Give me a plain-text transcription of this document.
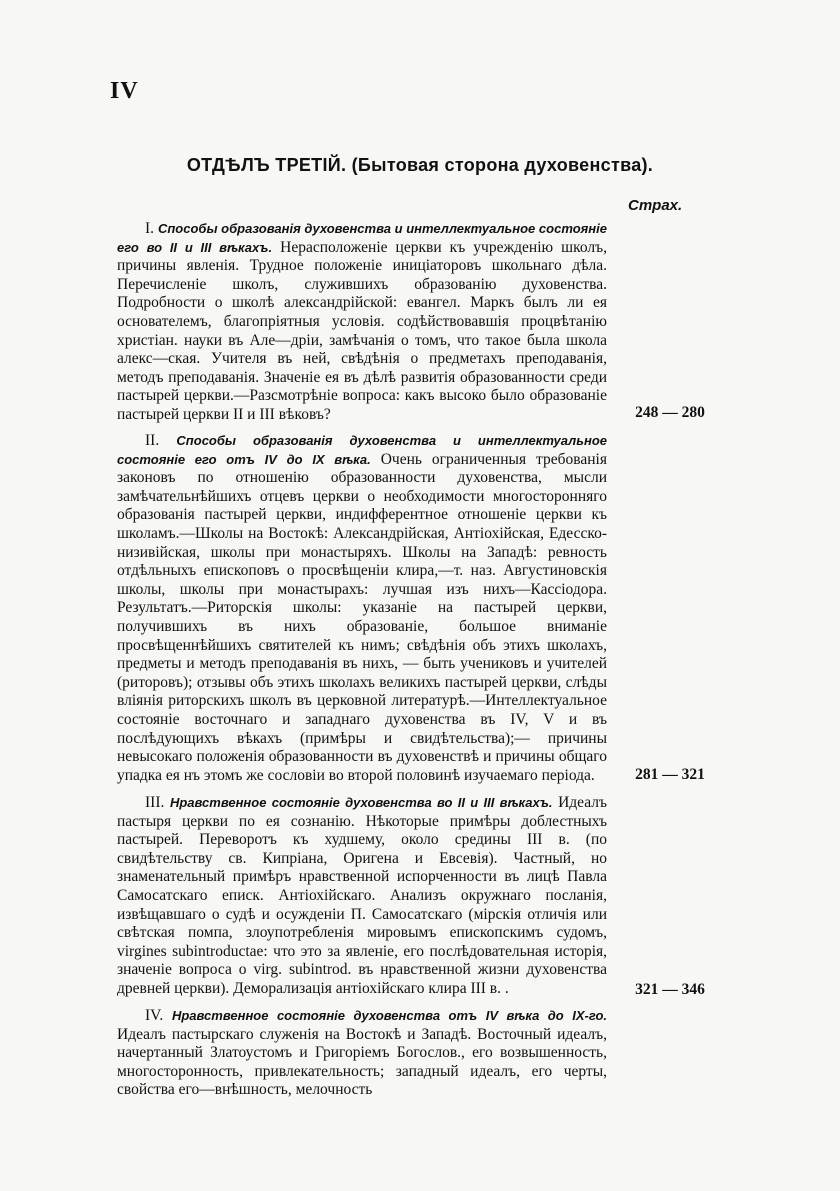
IV
ОТДѢЛЪ ТРЕТІЙ. (Бытовая сторона духовенства).
Страх.

I. Способы образованія духовенства и интеллектуальное состояніе его во II и III вѣкахъ. Нерасположеніе церкви къ учрежденію школъ, причины явленія. Трудное положеніе иниціаторовъ школьнаго дѣла. Перечисленіе школъ, служившихъ образованію духовенства. Подробности о школѣ александрійской: евангел. Маркъ былъ ли ея основателемъ, благопріятныя условія. содѣйствовавшія процвѣтанію христіан. науки въ Але—дріи, замѣчанія о томъ, что такое была школа алекс—ская. Учителя въ ней, свѣдѣнія о предметахъ преподаванія, методъ преподаванія. Значеніе ея въ дѣлѣ развитія образованности среди пастырей церкви.—Разсмотрѣніе вопроса: какъ высоко было образованіе пастырей церкви II и III вѣковъ?	248 — 280

II. Способы образованія духовенства и интеллектуальное состояніе его отъ IV до IX вѣка. Очень ограниченныя требованія законовъ по отношенію образованности духовенства, мысли замѣчательнѣйшихъ отцевъ церкви о необходимости многосторонняго образованія пастырей церкви, индифферентное отношеніе церкви къ школамъ.—Школы на Востокѣ: Александрійская, Антіохійская, Едесско-низивійская, школы при монастыряхъ. Школы на Западѣ: ревность отдѣльныхъ епископовъ о просвѣщеніи клира,—т. наз. Августиновскія школы, школы при монастырахъ: лучшая изъ нихъ—Кассіодора. Результатъ.—Риторскія школы: указаніе на пастырей церкви, получившихъ въ нихъ образованіе, большое вниманіе просвѣщеннѣйшихъ святителей къ нимъ; свѣдѣнія объ этихъ школахъ, предметы и методъ преподаванія въ нихъ, — быть учениковъ и учителей (риторовъ); отзывы объ этихъ школахъ великихъ пастырей церкви, слѣды вліянія риторскихъ школъ въ церковной литературѣ.—Интеллектуальное состояніе восточнаго и западнаго духовенства въ IV, V и въ послѣдующихъ вѣкахъ (примѣры и свидѣтельства);— причины невысокаго положенія образованности въ духовенствѣ и причины общаго упадка ея нъ этомъ же сословіи во второй половинѣ изучаемаго періода.	281 — 321

III. Нравственное состояніе духовенства во II и III вѣкахъ. Идеалъ пастыря церкви по ея сознанію. Нѣкоторые примѣры доблестныхъ пастырей. Переворотъ къ худшему, около средины III в. (по свидѣтельству св. Кипріана, Оригена и Евсевія). Частный, но знаменательный примѣръ нравственной испорченности въ лицѣ Павла Самосатскаго еписк. Антіохійскаго. Анализъ окружнаго посланія, извѣщавшаго о судѣ и осужденіи П. Самосатскаго (мірскія отличія или свѣтская помпа, злоупотребленія мировымъ епископскимъ судомъ, virgines subintroductae: что это за явленіе, его послѣдовательная исторія, значеніе вопроса о virg. subintrod. въ нравственной жизни духовенства древней церкви). Деморализація антіохійскаго клира III в. .	321 — 346

IV. Нравственное состояніе духовенства отъ IV вѣка до IX-го. Идеалъ пастырскаго служенія на Востокѣ и Западѣ. Восточный идеалъ, начертанный Златоустомъ и Григоріемъ Богослов., его возвышенность, многосторонность, привлекательность; западный идеалъ, его черты, свойства его—внѣшность, мелочность
